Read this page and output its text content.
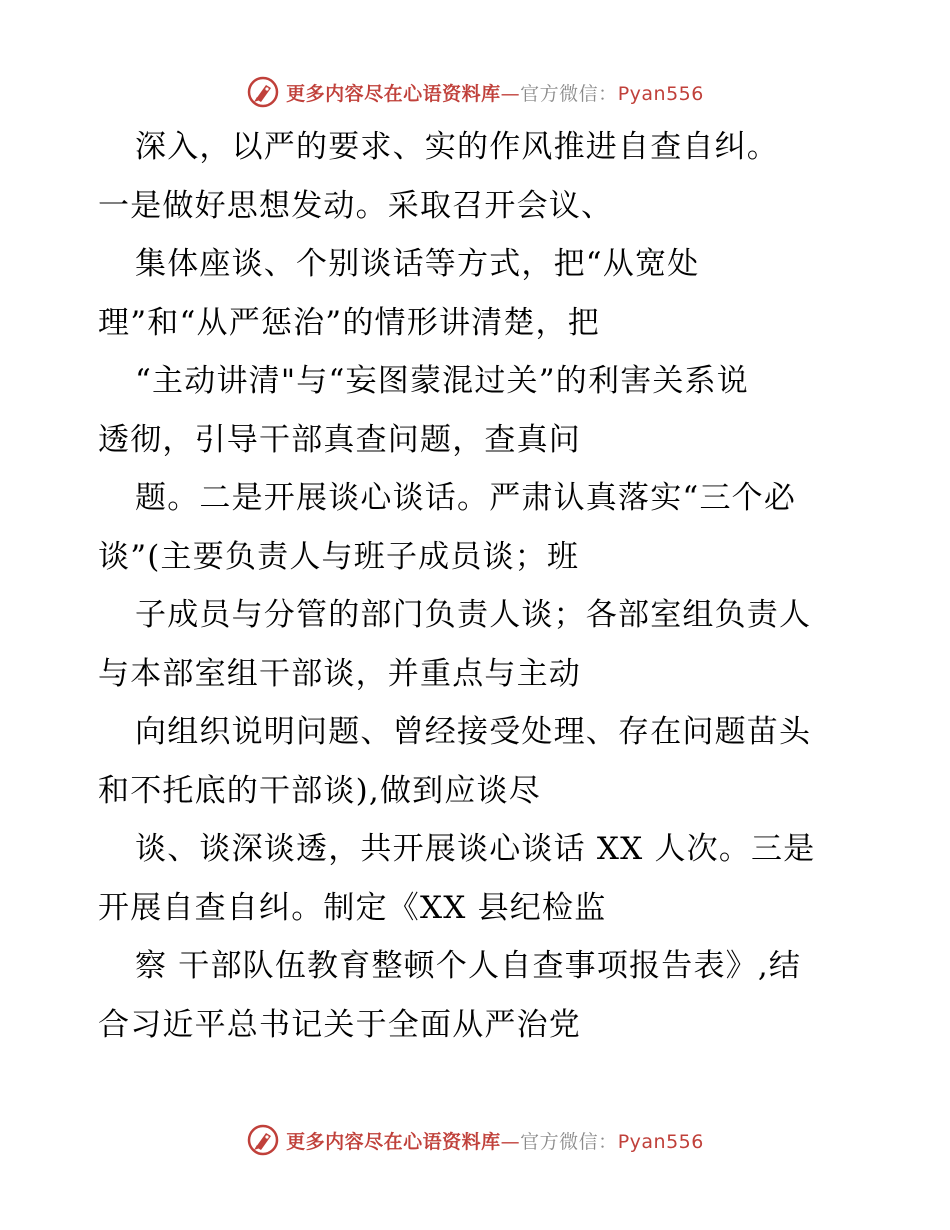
更多内容尽在心语资料库—官方微信：Pyan556
深入，以严的要求、实的作风推进自查自纠。
一是做好思想发动。采取召开会议、
集体座谈、个别谈话等方式，把“从宽处
理”和“从严惩治”的情形讲清楚，把
“主动讲清"与“妄图蒙混过关”的利害关系说
透彻，引导干部真查问题，查真问
题。二是开展谈心谈话。严肃认真落实“三个必
谈”(主要负责人与班子成员谈；班
子成员与分管的部门负责人谈；各部室组负责人
与本部室组干部谈，并重点与主动
向组织说明问题、曾经接受处理、存在问题苗头
和不托底的干部谈),做到应谈尽
谈、谈深谈透，共开展谈心谈话 XX 人次。三是
开展自查自纠。制定《XX 县纪检监
察 干部队伍教育整顿个人自查事项报告表》,结
合习近平总书记关于全面从严治党
更多内容尽在心语资料库—官方微信：Pyan556
